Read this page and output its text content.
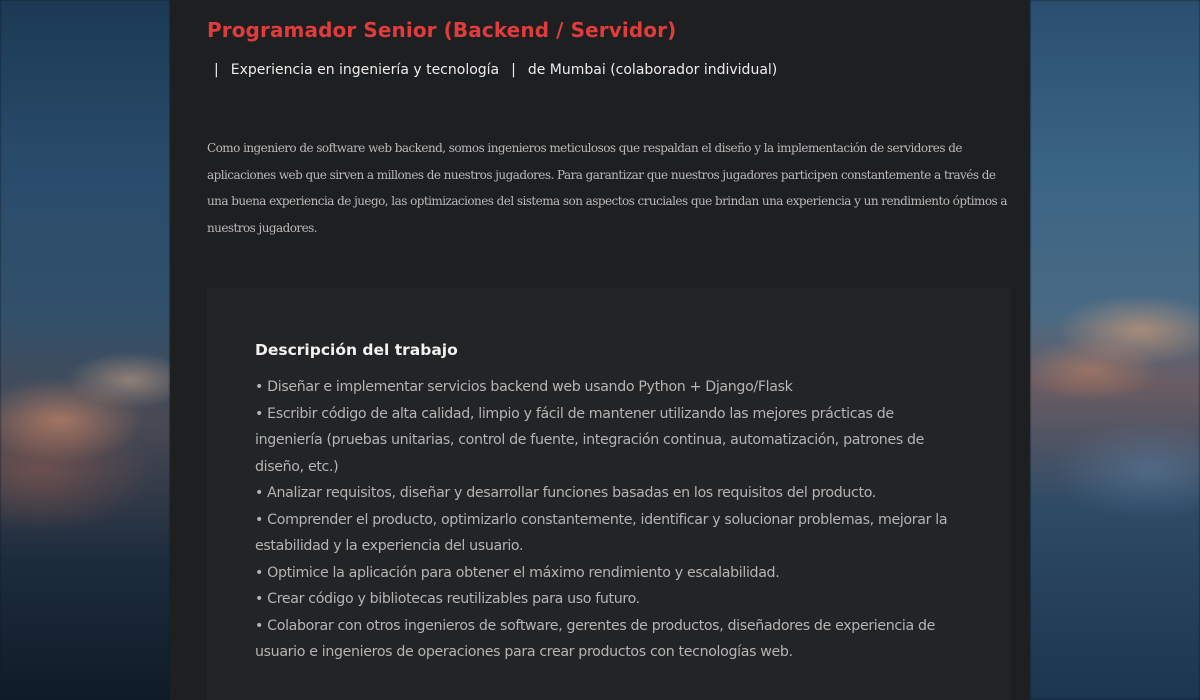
Programador Senior (Backend / Servidor)
| Experiencia en ingeniería y tecnología | de Mumbai (colaborador individual)

Como ingeniero de software web backend, somos ingenieros meticulosos que respaldan el diseño y la implementación de servidores de aplicaciones web que sirven a millones de nuestros jugadores. Para garantizar que nuestros jugadores participen constantemente a través de una buena experiencia de juego, las optimizaciones del sistema son aspectos cruciales que brindan una experiencia y un rendimiento óptimos a nuestros jugadores.

Descripción del trabajo
• Diseñar e implementar servicios backend web usando Python + Django/Flask
• Escribir código de alta calidad, limpio y fácil de mantener utilizando las mejores prácticas de ingeniería (pruebas unitarias, control de fuente, integración continua, automatización, patrones de diseño, etc.)
• Analizar requisitos, diseñar y desarrollar funciones basadas en los requisitos del producto.
• Comprender el producto, optimizarlo constantemente, identificar y solucionar problemas, mejorar la estabilidad y la experiencia del usuario.
• Optimice la aplicación para obtener el máximo rendimiento y escalabilidad.
• Crear código y bibliotecas reutilizables para uso futuro.
• Colaborar con otros ingenieros de software, gerentes de productos, diseñadores de experiencia de usuario e ingenieros de operaciones para crear productos con tecnologías web.
